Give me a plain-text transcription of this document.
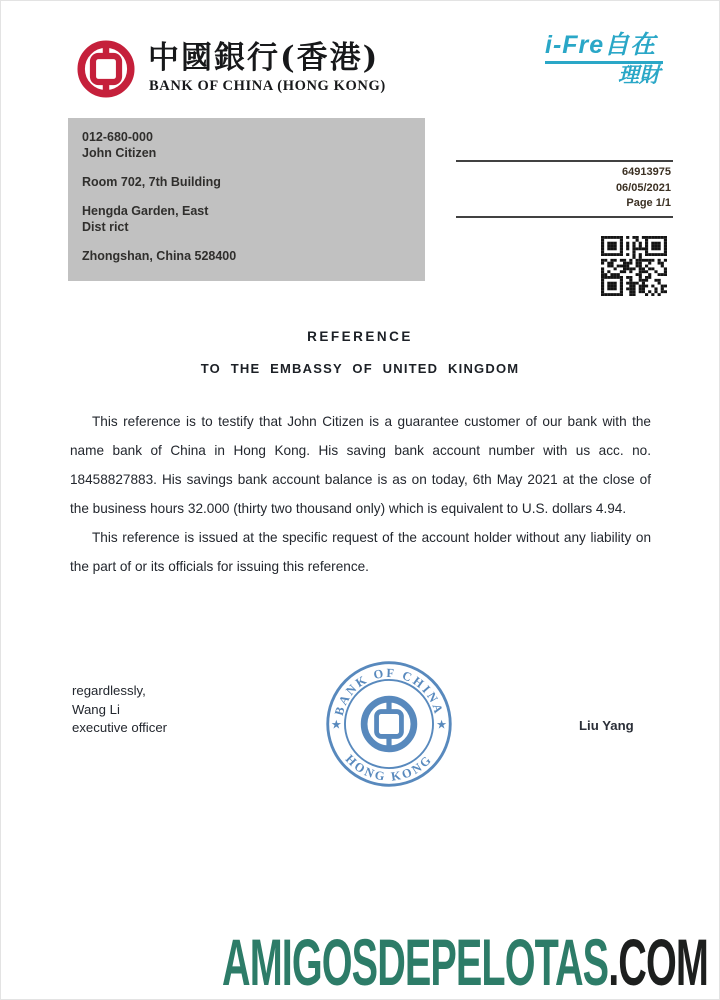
中國銀行(香港)
BANK OF CHINA (HONG KONG)
i-Fre自在
理財
012-680-000
John Citizen
Room 702, 7th Building
Hengda Garden, East
Dist rict
Zhongshan, China 528400
64913975
06/05/2021
Page 1/1
REFERENCE
TO THE EMBASSY OF UNITED KINGDOM

This reference is to testify that John Citizen is a guarantee customer of our bank with the name bank of China in Hong Kong. His saving bank account number with us acc. no. 18458827883. His savings bank account balance is as on today, 6th May 2021 at the close of the business hours 32.000 (thirty two thousand only) which is equivalent to U.S. dollars 4.94.

This reference is issued at the specific request of the account holder without any liability on the part of or its officials for issuing this reference.

regardlessly,
Wang Li
executive officer
BANK OF CHINA
HONG KONG
★	★	Liu Yang
AMIGOSDEPELOTAS.COM
